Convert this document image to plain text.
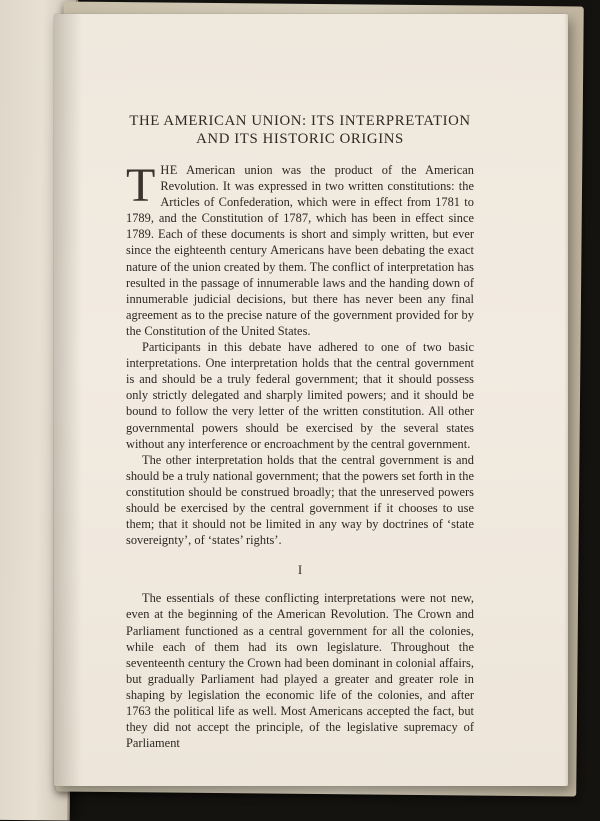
THE AMERICAN UNION: ITS INTERPRETATION
AND ITS HISTORIC ORIGINS

THE American union was the product of the American Revolution. It was expressed in two written constitutions: the Articles of Confederation, which were in effect from 1781 to 1789, and the Constitution of 1787, which has been in effect since 1789. Each of these documents is short and simply written, but ever since the eighteenth century Americans have been debating the exact nature of the union created by them. The conflict of interpretation has resulted in the passage of innumerable laws and the handing down of innumerable judicial decisions, but there has never been any final agreement as to the precise nature of the government provided for by the Constitution of the United States.

Participants in this debate have adhered to one of two basic interpretations. One interpretation holds that the central government is and should be a truly federal government; that it should possess only strictly delegated and sharply limited powers; and it should be bound to follow the very letter of the written constitution. All other governmental powers should be exercised by the several states without any interference or encroachment by the central government.

The other interpretation holds that the central government is and should be a truly national government; that the powers set forth in the constitution should be construed broadly; that the unreserved powers should be exercised by the central government if it chooses to use them; that it should not be limited in any way by doctrines of ‘state sovereignty’, of ‘states’ rights’.

I

The essentials of these conflicting interpretations were not new, even at the beginning of the American Revolution. The Crown and Parliament functioned as a central government for all the colonies, while each of them had its own legislature. Throughout the seventeenth century the Crown had been dominant in colonial affairs, but gradually Parliament had played a greater and greater role in shaping by legislation the economic life of the colonies, and after 1763 the political life as well. Most Americans accepted the fact, but they did not accept the principle, of the legislative supremacy of Parliament
